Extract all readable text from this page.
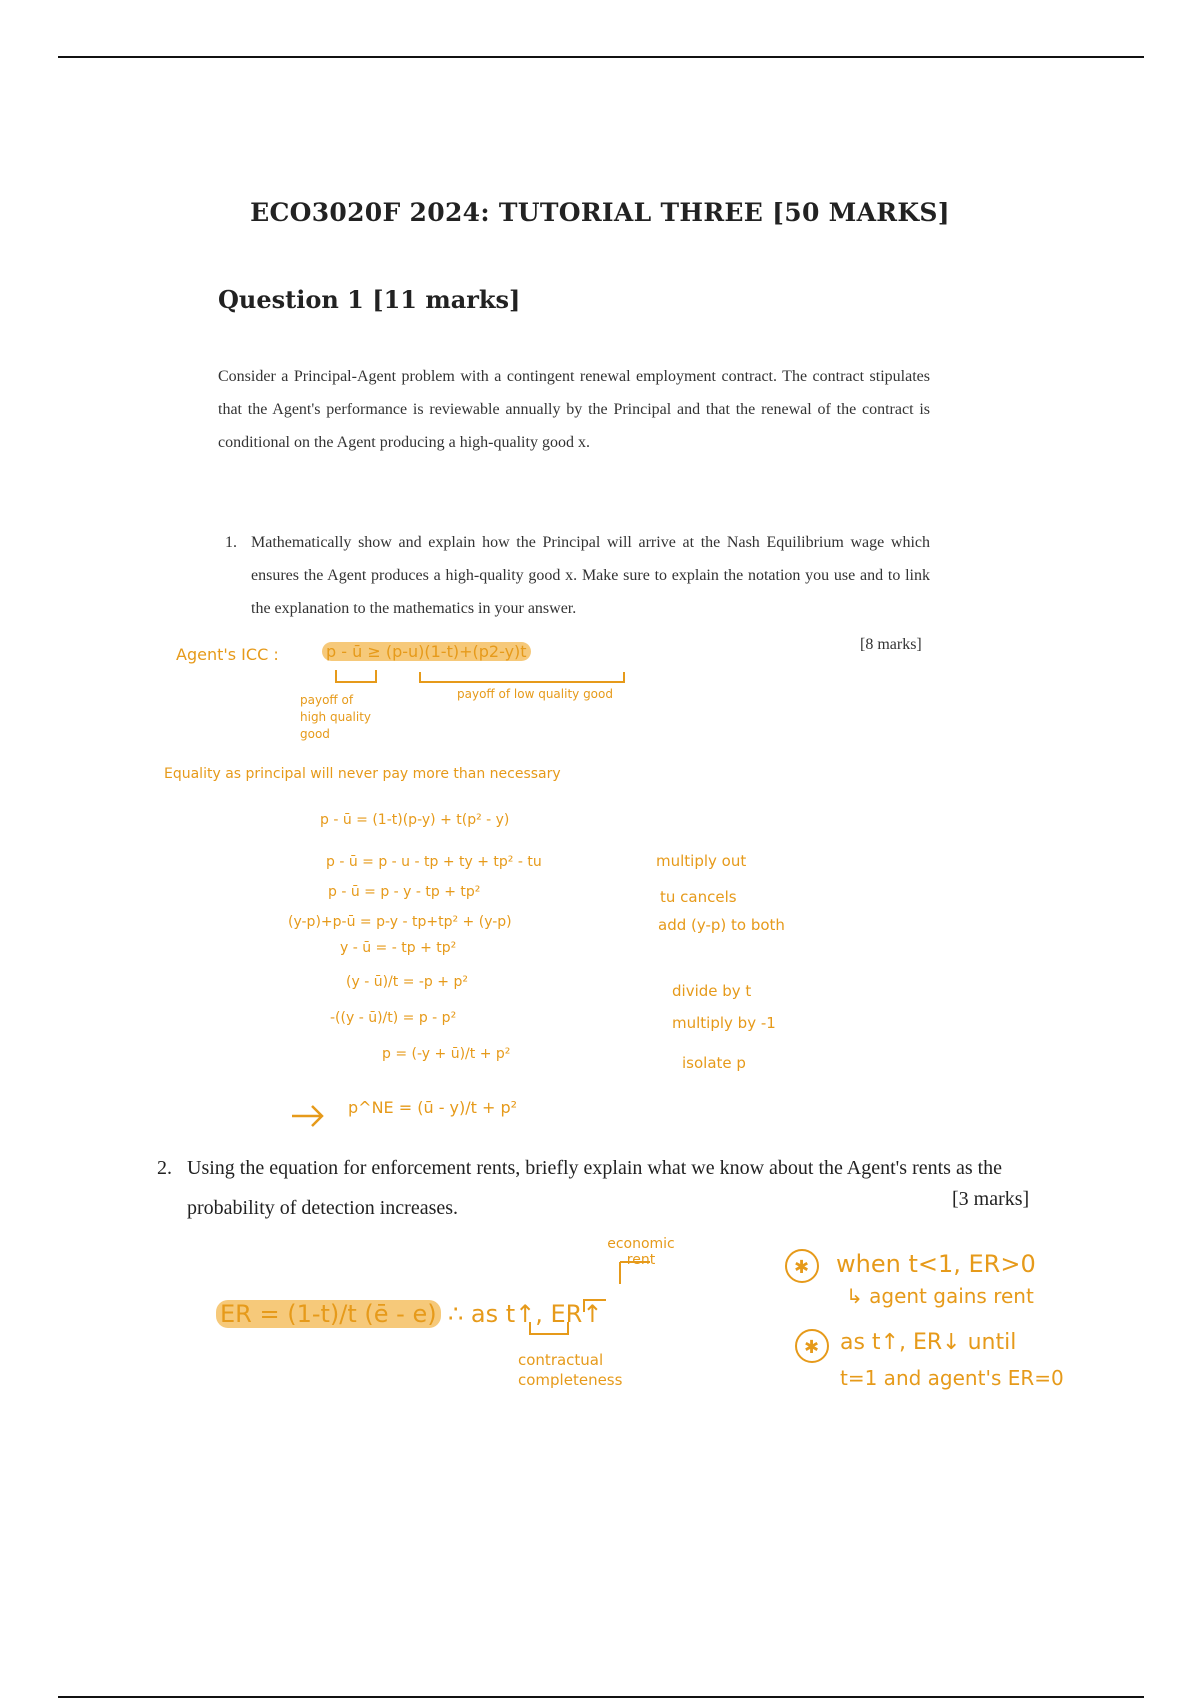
ECO3020F 2024: TUTORIAL THREE [50 MARKS]
Question 1 [11 marks]
Consider a Principal-Agent problem with a contingent renewal employment contract. The contract stipulates that the Agent's performance is reviewable annually by the Principal and that the renewal of the contract is conditional on the Agent producing a high-quality good x.
1. Mathematically show and explain how the Principal will arrive at the Nash Equilibrium wage which ensures the Agent produces a high-quality good x. Make sure to explain the notation you use and to link the explanation to the mathematics in your answer.
[8 marks]
Agent's ICC :	p - ū ≥ (p-u)(1-t)+(p2-y)t
✱
✱
payoff of high quality good
payoff of low quality good
Equality as principal will never pay more than necessary
p - ū = (1-t)(p-y) + t(p² - y)
p - ū = p - u - tp + ty + tp² - tu
p - ū = p - y - tp + tp²
(y-p)+p-ū = p-y - tp+tp² + (y-p)
y - ū = - tp + tp²
(y - ū)/t = -p + p²
-((y - ū)/t) = p - p²
p = (-y + ū)/t + p²
p^NE = (ū - y)/t + p²
multiply out
tu cancels
add (y-p) to both
divide by t
multiply by -1
isolate p
2. Using the equation for enforcement rents, briefly explain what we know about the Agent's rents as the probability of detection increases.	[3 marks]
economic rent
ER = (1-t)/t (ē - e) ∴ as t↑, ER↑
contractual completeness
when t<1, ER>0
↳ agent gains rent
as t↑, ER↓ until
t=1 and agent's ER=0
